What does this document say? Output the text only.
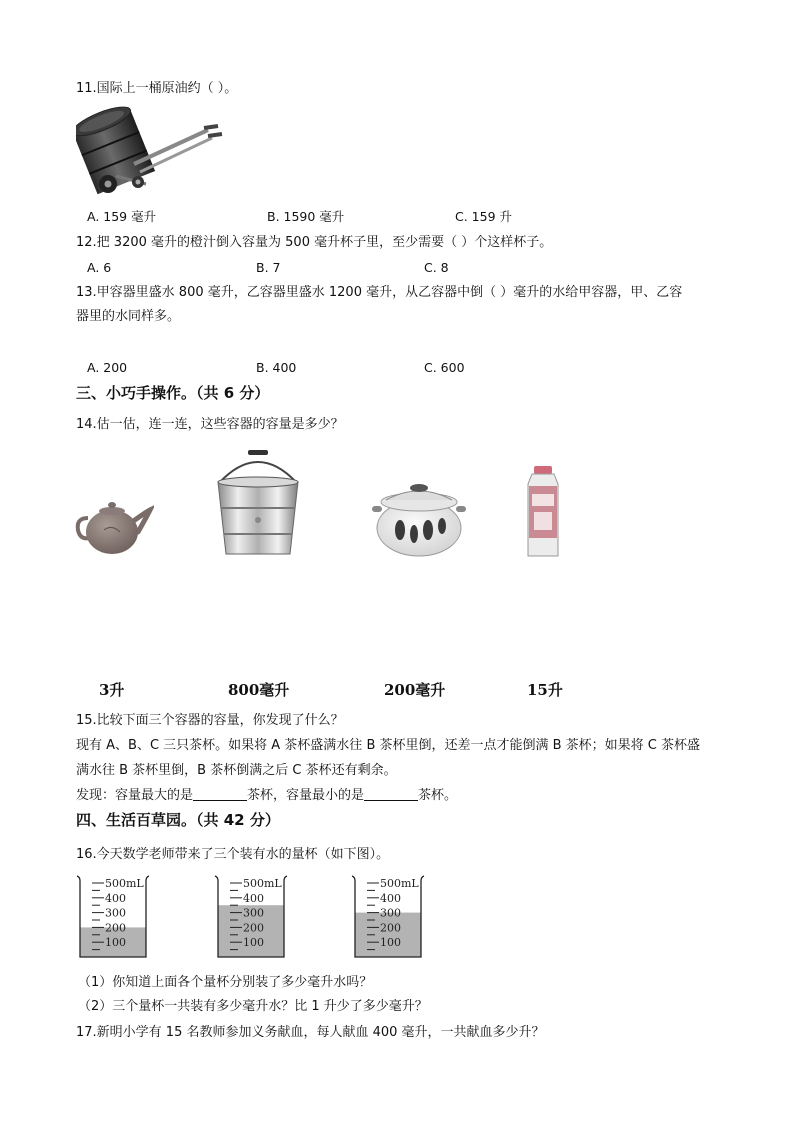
11.国际上一桶原油约（ ）。
A. 159 毫升	B. 1590 毫升	C. 159 升
12.把 3200 毫升的橙汁倒入容量为 500 毫升杯子里，至少需要（ ）个这样杯子。
A. 6	B. 7	C. 8
13.甲容器里盛水 800 毫升，乙容器里盛水 1200 毫升，从乙容器中倒（ ）毫升的水给甲容器，甲、乙容
器里的水同样多。
A. 200	B. 400	C. 600
三、小巧手操作。（共 6 分）
14.估一估，连一连，这些容器的容量是多少？
3升	800毫升	200毫升	15升
15.比较下面三个容器的容量，你发现了什么？
现有 A、B、C 三只茶杯。如果将 A 茶杯盛满水往 B 茶杯里倒，还差一点才能倒满 B 茶杯；如果将 C 茶杯盛
满水往 B 茶杯里倒，B 茶杯倒满之后 C 茶杯还有剩余。
发现：容量最大的是	茶杯，容量最小的是	茶杯。
四、生活百草园。（共 42 分）
16.今天数学老师带来了三个装有水的量杯（如下图）。
500mL
400
300
200
100
500mL
400
300
200
100
500mL
400
300
200
100
（1）你知道上面各个量杯分别装了多少毫升水吗？
（2）三个量杯一共装有多少毫升水？比 1 升少了多少毫升？
17.新明小学有 15 名教师参加义务献血，每人献血 400 毫升，一共献血多少升？
